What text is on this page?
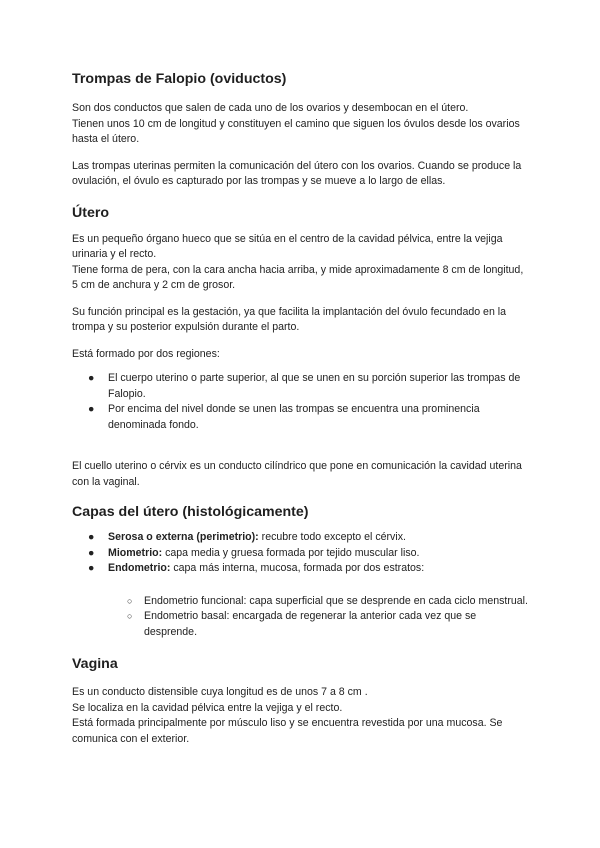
Trompas de Falopio (oviductos)

Son dos conductos que salen de cada uno de los ovarios y desembocan en el útero.
Tienen unos 10 cm de longitud y constituyen el camino que siguen los óvulos desde los ovarios hasta el útero.

Las trompas uterinas permiten la comunicación del útero con los ovarios. Cuando se produce la ovulación, el óvulo es capturado por las trompas y se mueve a lo largo de ellas.

Útero

Es un pequeño órgano hueco que se sitúa en el centro de la cavidad pélvica, entre la vejiga urinaria y el recto.
Tiene forma de pera, con la cara ancha hacia arriba, y mide aproximadamente 8 cm de longitud, 5 cm de anchura y 2 cm de grosor.

Su función principal es la gestación, ya que facilita la implantación del óvulo fecundado en la trompa y su posterior expulsión durante el parto.

Está formado por dos regiones:

● El cuerpo uterino o parte superior, al que se unen en su porción superior las trompas de Falopio.
● Por encima del nivel donde se unen las trompas se encuentra una prominencia denominada fondo.

El cuello uterino o cérvix es un conducto cilíndrico que pone en comunicación la cavidad uterina con la vaginal.

Capas del útero (histológicamente)
● Serosa o externa (perimetrio): recubre todo excepto el cérvix.
● Miometrio: capa media y gruesa formada por tejido muscular liso.
● Endometrio: capa más interna, mucosa, formada por dos estratos:
○ Endometrio funcional: capa superficial que se desprende en cada ciclo menstrual.
○ Endometrio basal: encargada de regenerar la anterior cada vez que se desprende.
Vagina

Es un conducto distensible cuya longitud es de unos 7 a 8 cm .
Se localiza en la cavidad pélvica entre la vejiga y el recto.
Está formada principalmente por músculo liso y se encuentra revestida por una mucosa. Se comunica con el exterior.
